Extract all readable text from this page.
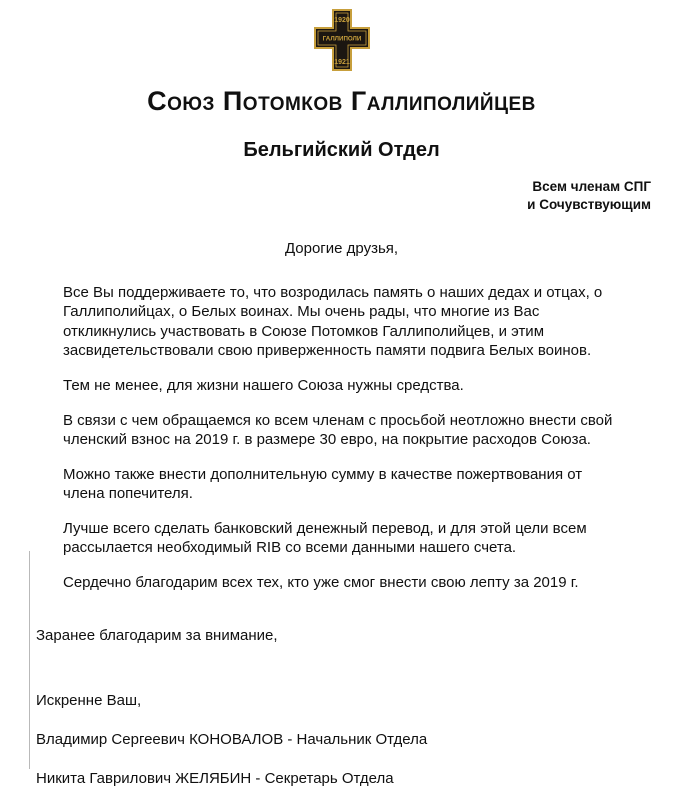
1920
ГАЛЛИПОЛИ
1921
Союз Потомков Галлиполийцев
Бельгийский Отдел
Всем членам СПГ
и Сочувствующим

Дорогие друзья,

Все Вы поддерживаете то, что возродилась память о наших дедах и отцах, о Галлиполийцах, о Белых воинах. Мы очень рады, что многие из Вас откликнулись участвовать в Союзе Потомков Галлиполийцев, и этим засвидетельствовали свою приверженность памяти подвига Белых воинов.

Тем не менее, для жизни нашего Союза нужны средства.

В связи с чем обращаемся ко всем членам с просьбой неотложно внести свой членский взнос на 2019 г. в размере 30 евро, на покрытие расходов Союза.

Можно также внести дополнительную сумму в качестве пожертвования от члена попечителя.

Лучше всего сделать банковский денежный перевод, и для этой цели всем рассылается необходимый RIB со всеми данными нашего счета.

Сердечно благодарим всех тех, кто уже смог внести свою лепту за 2019 г.

Заранее благодарим за внимание,

Искренне Ваш,

Владимир Сергеевич КОНОВАЛОВ - Начальник Отдела

Никита Гаврилович ЖЕЛЯБИН - Секретарь Отдела
